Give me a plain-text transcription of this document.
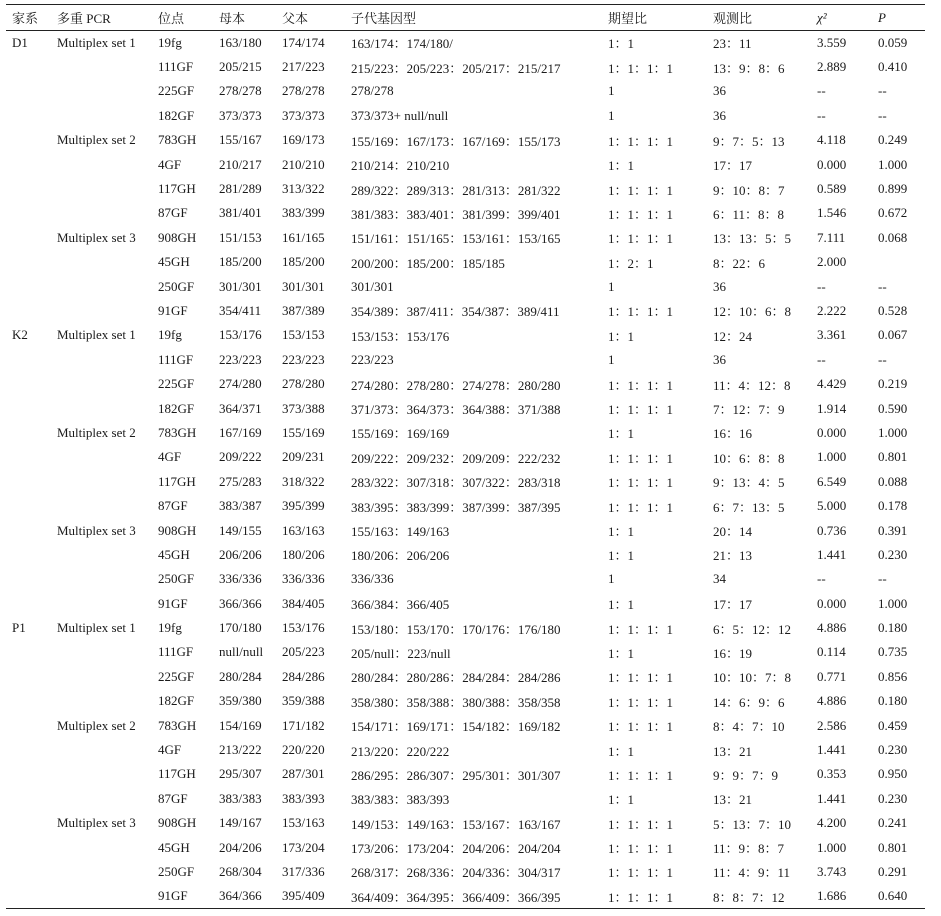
家系	多重 PCR	位点	母本	父本	子代基因型	期望比	观测比	χ²	P
D1	Multiplex set 1	19fg	163/180	174/174	163/174：174/180/	1：1	23：11	3.559	0.059
		111GF	205/215	217/223	215/223：205/223：205/217：215/217	1：1：1：1	13：9：8：6	2.889	0.410
		225GF	278/278	278/278	278/278	1	36	--	--
		182GF	373/373	373/373	373/373+ null/null	1	36	--	--
	Multiplex set 2	783GH	155/167	169/173	155/169：167/173：167/169：155/173	1：1：1：1	9：7：5：13	4.118	0.249
		4GF	210/217	210/210	210/214：210/210	1：1	17：17	0.000	1.000
		117GH	281/289	313/322	289/322：289/313：281/313：281/322	1：1：1：1	9：10：8：7	0.589	0.899
		87GF	381/401	383/399	381/383：383/401：381/399：399/401	1：1：1：1	6：11：8：8	1.546	0.672
	Multiplex set 3	908GH	151/153	161/165	151/161：151/165：153/161：153/165	1：1：1：1	13：13：5：5	7.111	0.068
		45GH	185/200	185/200	200/200：185/200：185/185	1：2：1	8：22：6	2.000	
		250GF	301/301	301/301	301/301	1	36	--	--
		91GF	354/411	387/389	354/389：387/411：354/387：389/411	1：1：1：1	12：10：6：8	2.222	0.528
K2	Multiplex set 1	19fg	153/176	153/153	153/153：153/176	1：1	12：24	3.361	0.067
		111GF	223/223	223/223	223/223	1	36	--	--
		225GF	274/280	278/280	274/280：278/280：274/278：280/280	1：1：1：1	11：4：12：8	4.429	0.219
		182GF	364/371	373/388	371/373：364/373：364/388：371/388	1：1：1：1	7：12：7：9	1.914	0.590
	Multiplex set 2	783GH	167/169	155/169	155/169：169/169	1：1	16：16	0.000	1.000
		4GF	209/222	209/231	209/222：209/232：209/209：222/232	1：1：1：1	10：6：8：8	1.000	0.801
		117GH	275/283	318/322	283/322：307/318：307/322：283/318	1：1：1：1	9：13：4：5	6.549	0.088
		87GF	383/387	395/399	383/395：383/399：387/399：387/395	1：1：1：1	6：7：13：5	5.000	0.178
	Multiplex set 3	908GH	149/155	163/163	155/163：149/163	1：1	20：14	0.736	0.391
		45GH	206/206	180/206	180/206：206/206	1：1	21：13	1.441	0.230
		250GF	336/336	336/336	336/336	1	34	--	--
		91GF	366/366	384/405	366/384：366/405	1：1	17：17	0.000	1.000
P1	Multiplex set 1	19fg	170/180	153/176	153/180：153/170：170/176：176/180	1：1：1：1	6：5：12：12	4.886	0.180
		111GF	null/null	205/223	205/null：223/null	1：1	16：19	0.114	0.735
		225GF	280/284	284/286	280/284：280/286：284/284：284/286	1：1：1：1	10：10：7：8	0.771	0.856
		182GF	359/380	359/388	358/380：358/388：380/388：358/358	1：1：1：1	14：6：9：6	4.886	0.180
	Multiplex set 2	783GH	154/169	171/182	154/171：169/171：154/182：169/182	1：1：1：1	8：4：7：10	2.586	0.459
		4GF	213/222	220/220	213/220：220/222	1：1	13：21	1.441	0.230
		117GH	295/307	287/301	286/295：286/307：295/301：301/307	1：1：1：1	9：9：7：9	0.353	0.950
		87GF	383/383	383/393	383/383：383/393	1：1	13：21	1.441	0.230
	Multiplex set 3	908GH	149/167	153/163	149/153：149/163：153/167：163/167	1：1：1：1	5：13：7：10	4.200	0.241
		45GH	204/206	173/204	173/206：173/204：204/206：204/204	1：1：1：1	11：9：8：7	1.000	0.801
		250GF	268/304	317/336	268/317：268/336：204/336：304/317	1：1：1：1	11：4：9：11	3.743	0.291
		91GF	364/366	395/409	364/409：364/395：366/409：366/395	1：1：1：1	8：8：7：12	1.686	0.640
